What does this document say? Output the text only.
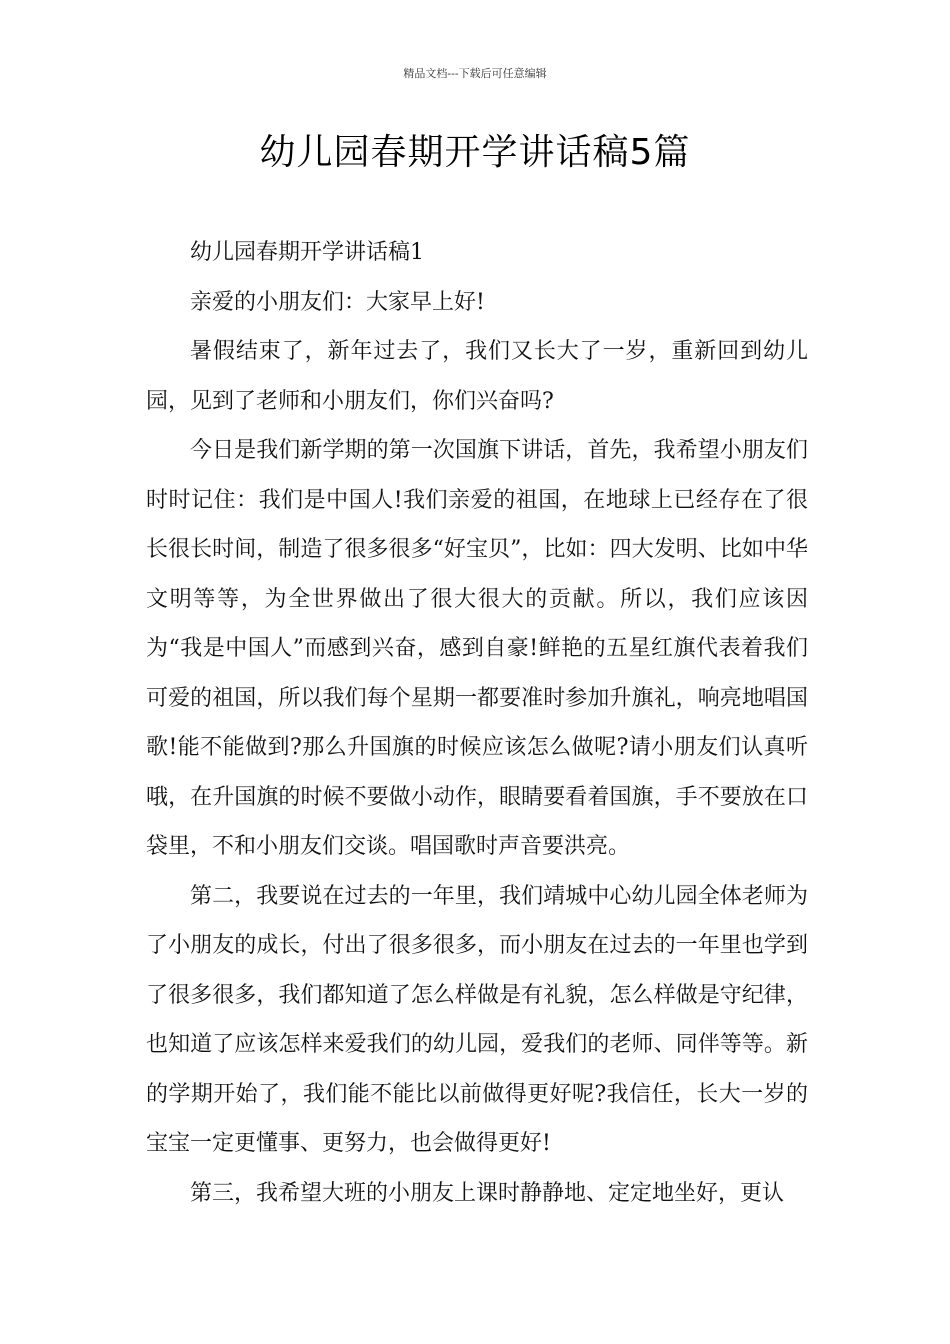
精品文档---下载后可任意编辑
幼儿园春期开学讲话稿5篇

幼儿园春期开学讲话稿1

亲爱的小朋友们：大家早上好!

暑假结束了，新年过去了，我们又长大了一岁，重新回到幼儿园，见到了老师和小朋友们，你们兴奋吗?

今日是我们新学期的第一次国旗下讲话，首先，我希望小朋友们时时记住：我们是中国人!我们亲爱的祖国，在地球上已经存在了很长很长时间，制造了很多很多“好宝贝”，比如：四大发明、比如中华文明等等，为全世界做出了很大很大的贡献。所以，我们应该因为“我是中国人”而感到兴奋，感到自豪!鲜艳的五星红旗代表着我们可爱的祖国，所以我们每个星期一都要准时参加升旗礼，响亮地唱国歌!能不能做到?那么升国旗的时候应该怎么做呢?请小朋友们认真听哦，在升国旗的时候不要做小动作，眼睛要看着国旗，手不要放在口袋里，不和小朋友们交谈。唱国歌时声音要洪亮。

第二，我要说在过去的一年里，我们靖城中心幼儿园全体老师为了小朋友的成长，付出了很多很多，而小朋友在过去的一年里也学到了很多很多，我们都知道了怎么样做是有礼貌，怎么样做是守纪律，也知道了应该怎样来爱我们的幼儿园，爱我们的老师、同伴等等。新的学期开始了，我们能不能比以前做得更好呢?我信任，长大一岁的宝宝一定更懂事、更努力，也会做得更好!

第三，我希望大班的小朋友上课时静静地、定定地坐好，更认
